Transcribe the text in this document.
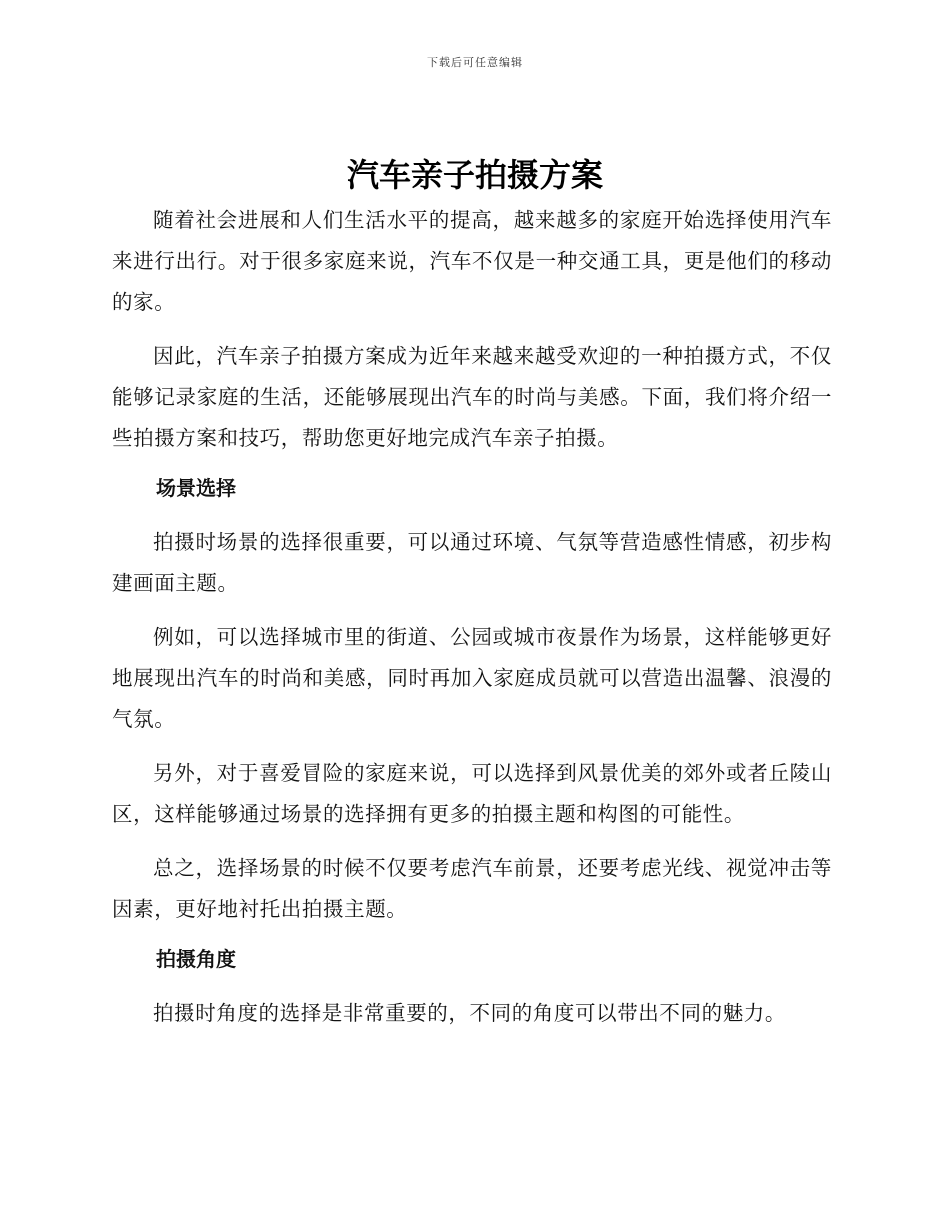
下载后可任意编辑
汽车亲子拍摄方案

随着社会进展和人们生活水平的提高，越来越多的家庭开始选择使用汽车来进行出行。对于很多家庭来说，汽车不仅是一种交通工具，更是他们的移动的家。

因此，汽车亲子拍摄方案成为近年来越来越受欢迎的一种拍摄方式，不仅能够记录家庭的生活，还能够展现出汽车的时尚与美感。下面，我们将介绍一些拍摄方案和技巧，帮助您更好地完成汽车亲子拍摄。

场景选择

拍摄时场景的选择很重要，可以通过环境、气氛等营造感性情感，初步构建画面主题。

例如，可以选择城市里的街道、公园或城市夜景作为场景，这样能够更好地展现出汽车的时尚和美感，同时再加入家庭成员就可以营造出温馨、浪漫的气氛。

另外，对于喜爱冒险的家庭来说，可以选择到风景优美的郊外或者丘陵山区，这样能够通过场景的选择拥有更多的拍摄主题和构图的可能性。

总之，选择场景的时候不仅要考虑汽车前景，还要考虑光线、视觉冲击等因素，更好地衬托出拍摄主题。

拍摄角度

拍摄时角度的选择是非常重要的，不同的角度可以带出不同的魅力。
